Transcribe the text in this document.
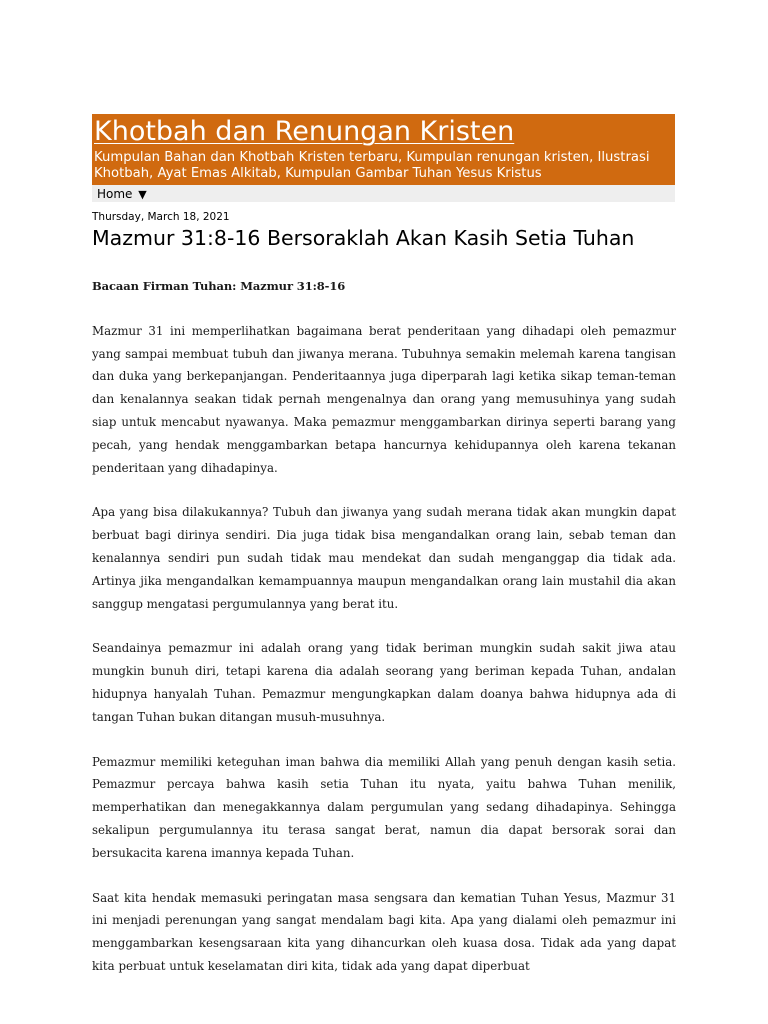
Khotbah dan Renungan Kristen
Kumpulan Bahan dan Khotbah Kristen terbaru, Kumpulan renungan kristen, Ilustrasi Khotbah, Ayat Emas Alkitab, Kumpulan Gambar Tuhan Yesus Kristus
Home ▼
Thursday, March 18, 2021
Mazmur 31:8-16 Bersoraklah Akan Kasih Setia Tuhan

Bacaan Firman Tuhan: Mazmur 31:8-16

Mazmur 31 ini memperlihatkan bagaimana berat penderitaan yang dihadapi oleh pemazmur yang sampai membuat tubuh dan jiwanya merana. Tubuhnya semakin melemah karena tangisan dan duka yang berkepanjangan. Penderitaannya juga diperparah lagi ketika sikap teman-teman dan kenalannya seakan tidak pernah mengenalnya dan orang yang memusuhinya yang sudah siap untuk mencabut nyawanya. Maka pemazmur menggambarkan dirinya seperti barang yang pecah, yang hendak menggambarkan betapa hancurnya kehidupannya oleh karena tekanan penderitaan yang dihadapinya.

Apa yang bisa dilakukannya? Tubuh dan jiwanya yang sudah merana tidak akan mungkin dapat berbuat bagi dirinya sendiri. Dia juga tidak bisa mengandalkan orang lain, sebab teman dan kenalannya sendiri pun sudah tidak mau mendekat dan sudah menganggap dia tidak ada. Artinya jika mengandalkan kemampuannya maupun mengandalkan orang lain mustahil dia akan sanggup mengatasi pergumulannya yang berat itu.

Seandainya pemazmur ini adalah orang yang tidak beriman mungkin sudah sakit jiwa atau mungkin bunuh diri, tetapi karena dia adalah seorang yang beriman kepada Tuhan, andalan hidupnya hanyalah Tuhan. Pemazmur mengungkapkan dalam doanya bahwa hidupnya ada di tangan Tuhan bukan ditangan musuh-musuhnya.

Pemazmur memiliki keteguhan iman bahwa dia memiliki Allah yang penuh dengan kasih setia. Pemazmur percaya bahwa kasih setia Tuhan itu nyata, yaitu bahwa Tuhan menilik, memperhatikan dan menegakkannya dalam pergumulan yang sedang dihadapinya. Sehingga sekalipun pergumulannya itu terasa sangat berat, namun dia dapat bersorak sorai dan bersukacita karena imannya kepada Tuhan.

Saat kita hendak memasuki peringatan masa sengsara dan kematian Tuhan Yesus, Mazmur 31 ini menjadi perenungan yang sangat mendalam bagi kita. Apa yang dialami oleh pemazmur ini menggambarkan kesengsaraan kita yang dihancurkan oleh kuasa dosa. Tidak ada yang dapat kita perbuat untuk keselamatan diri kita, tidak ada yang dapat diperbuat
